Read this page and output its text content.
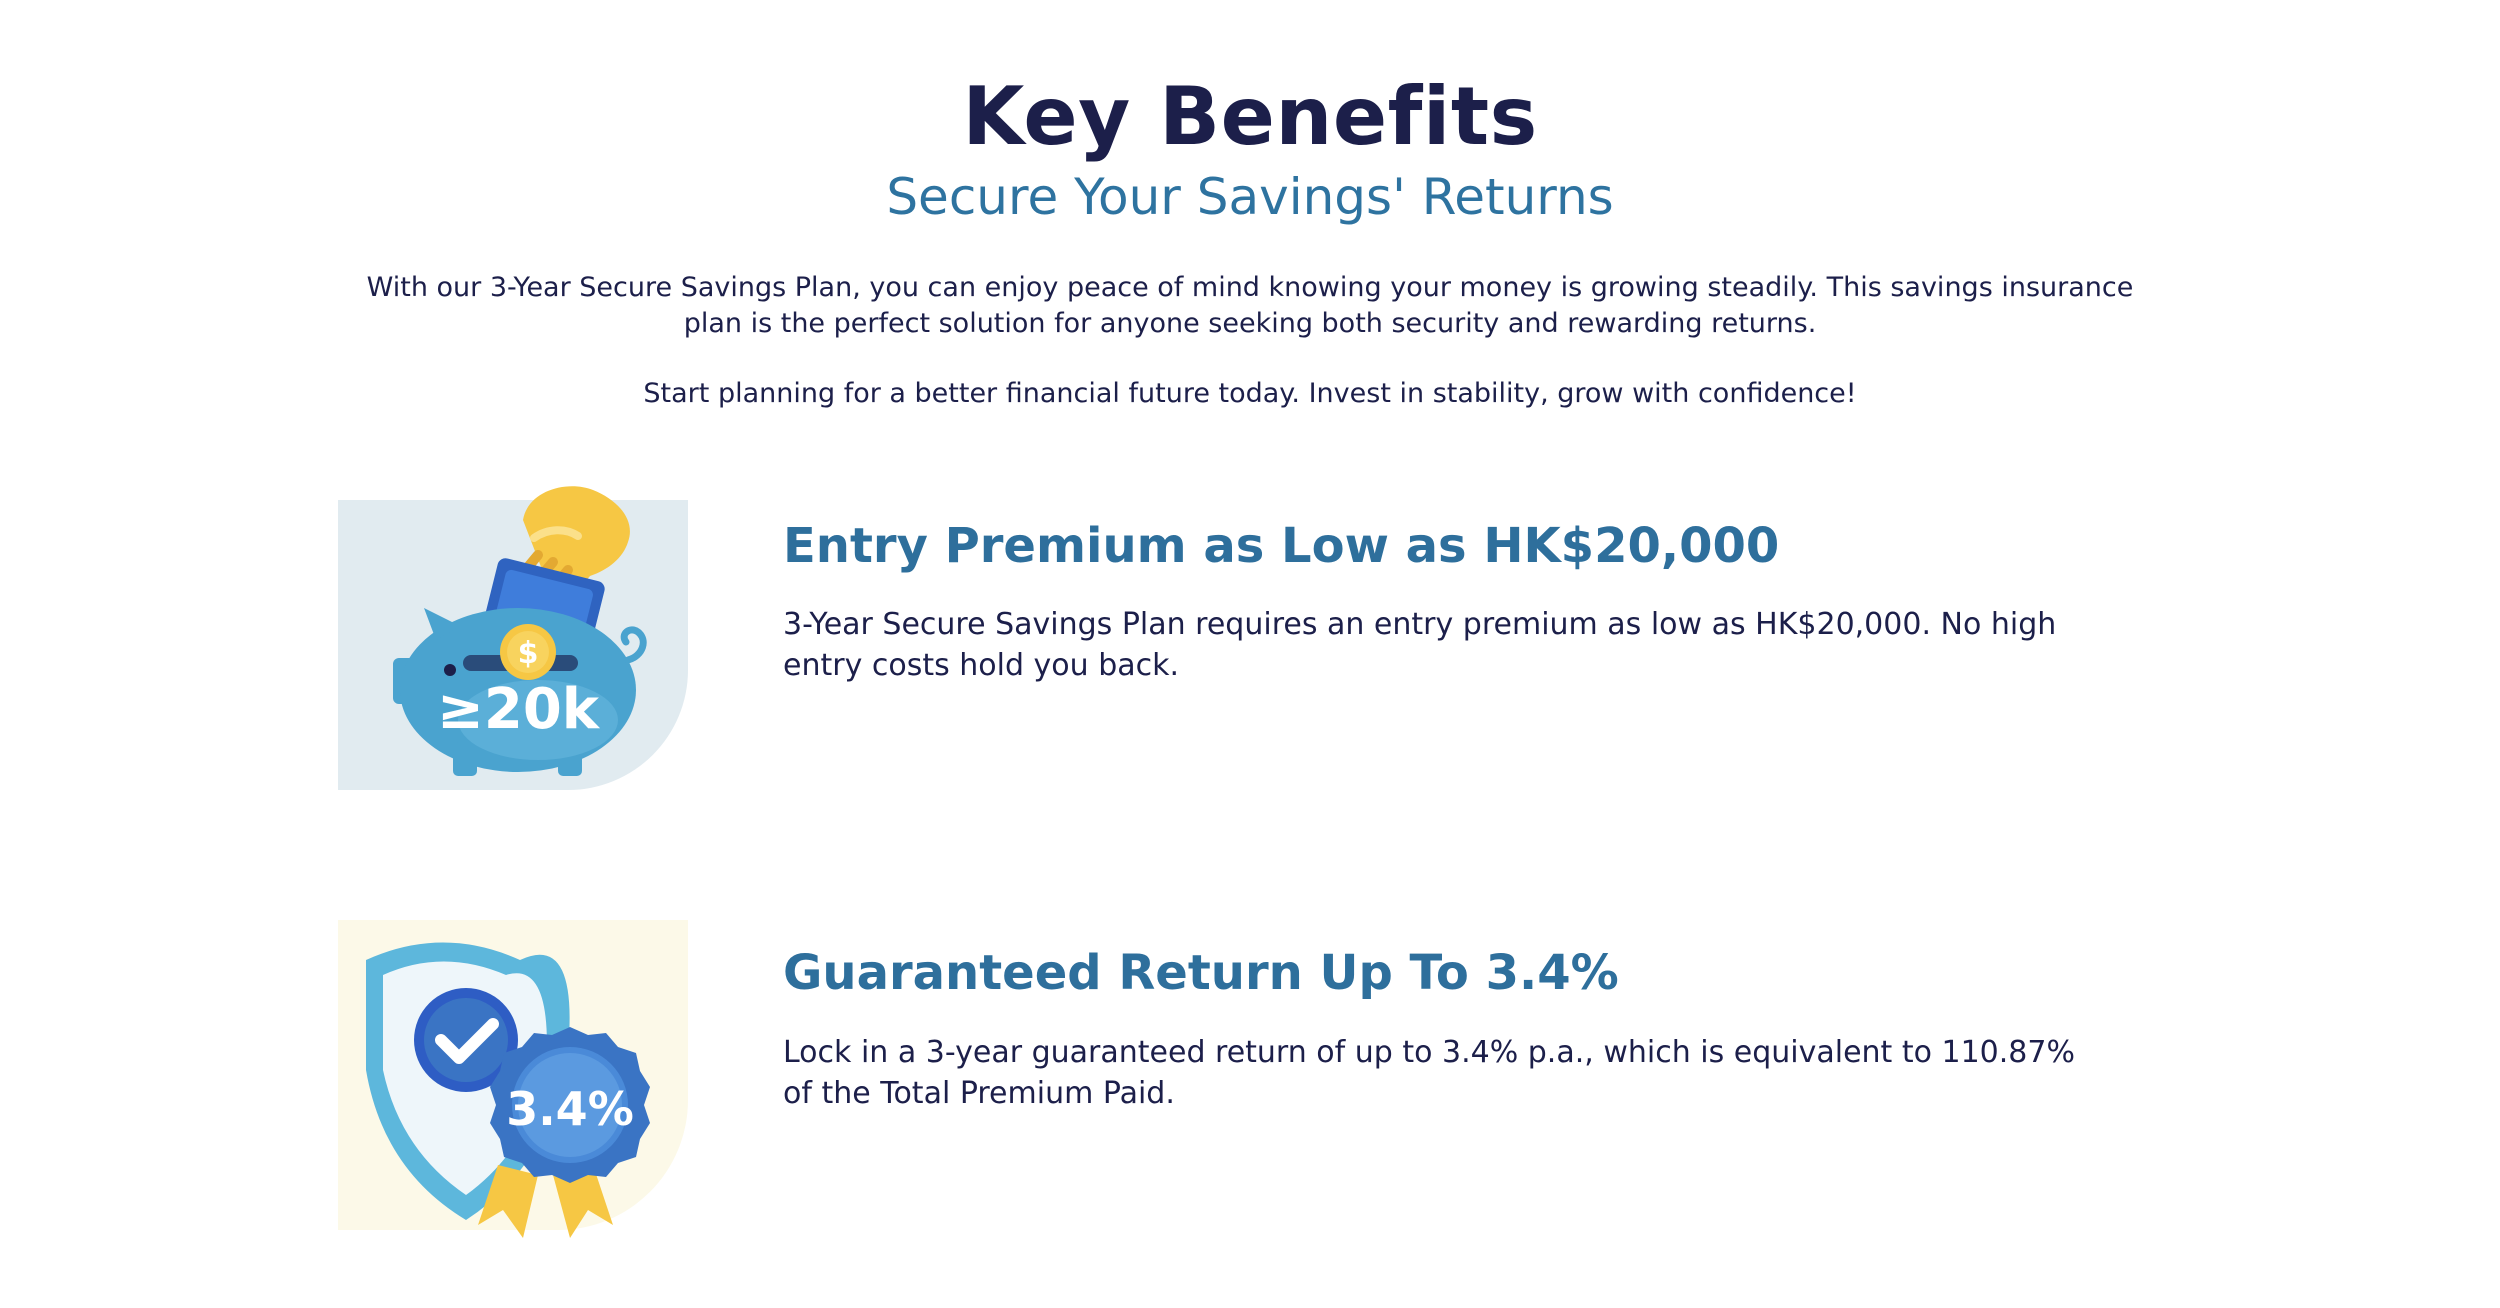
Key Benefits
Secure Your Savings' Returns

With our 3-Year Secure Savings Plan, you can enjoy peace of mind knowing your money is growing steadily. This savings insurance plan is the perfect solution for anyone seeking both security and rewarding returns.

Start planning for a better financial future today. Invest in stability, grow with confidence!

$
≥20k
Entry Premium as Low as HK$20,000

3-Year Secure Savings Plan requires an entry premium as low as HK$20,000. No high entry costs hold you back.

3.4%
Guaranteed Return Up To 3.4%

Lock in a 3-year guaranteed return of up to 3.4% p.a., which is equivalent to 110.87% of the Total Premium Paid.
